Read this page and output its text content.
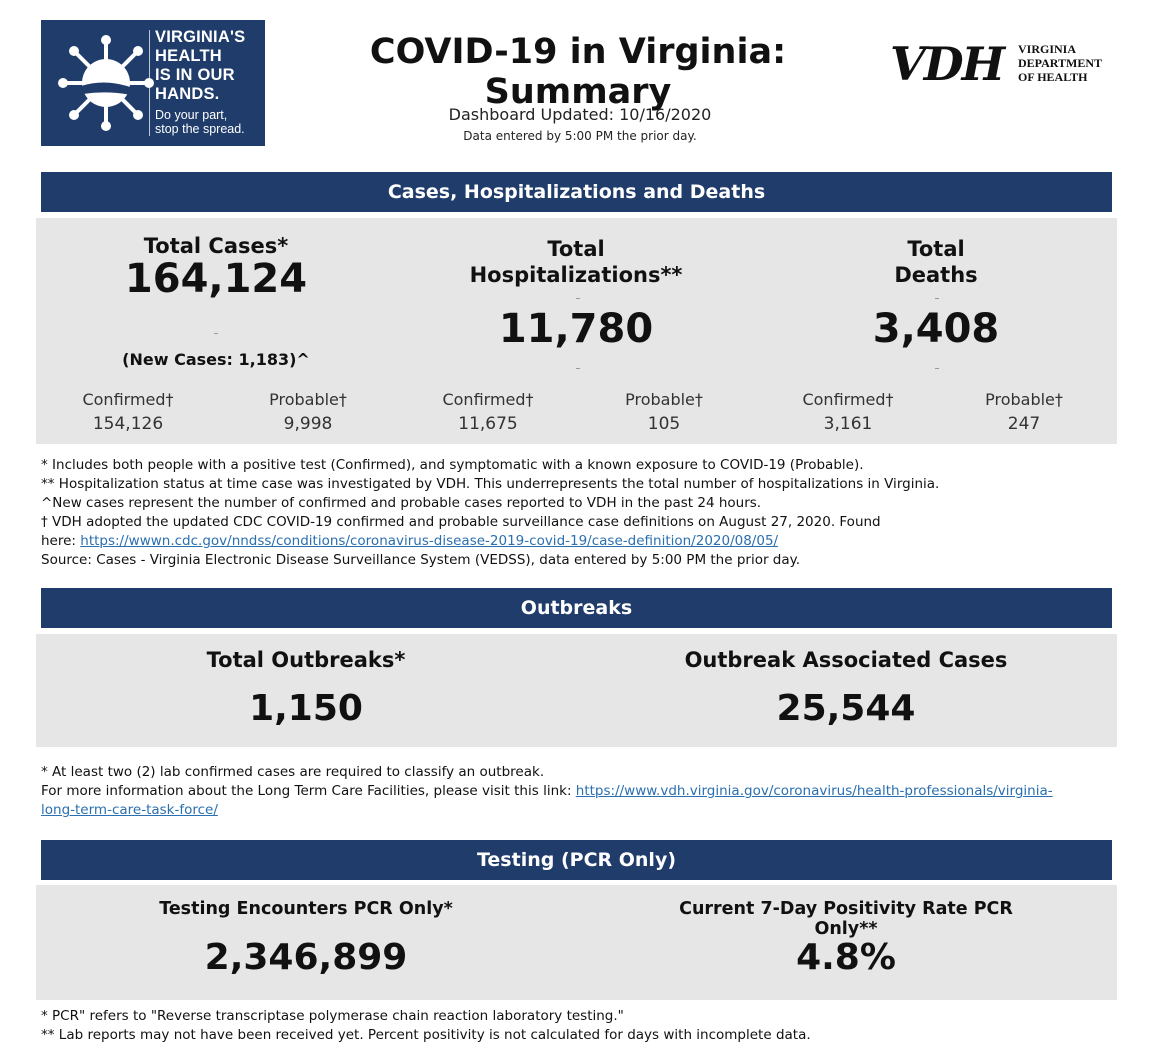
VIRGINIA'S
HEALTH
IS IN OUR
HANDS.
Do your part,
stop the spread.
COVID-19 in Virginia: Summary
Dashboard Updated: 10/16/2020
Data entered by 5:00 PM the prior day.
VDH VIRGINIA
DEPARTMENT
OF HEALTH
Cases, Hospitalizations and Deaths
Total Cases*
164,124
(New Cases: 1,183)^
Total
Hospitalizations**
11,780
Total
Deaths
3,408
Confirmed†
154,126
Probable†
9,998
Confirmed†
11,675
Probable†
105
Confirmed†
3,161
Probable†
247
* Includes both people with a positive test (Confirmed), and symptomatic with a known exposure to COVID-19 (Probable).
** Hospitalization status at time case was investigated by VDH. This underrepresents the total number of hospitalizations in Virginia.
^New cases represent the number of confirmed and probable cases reported to VDH in the past 24 hours.
† VDH adopted the updated CDC COVID-19 confirmed and probable surveillance case definitions on August 27, 2020. Found
here: https://wwwn.cdc.gov/nndss/conditions/coronavirus-disease-2019-covid-19/case-definition/2020/08/05/
Source: Cases - Virginia Electronic Disease Surveillance System (VEDSS), data entered by 5:00 PM the prior day.
Outbreaks
Total Outbreaks*
1,150
Outbreak Associated Cases
25,544
* At least two (2) lab confirmed cases are required to classify an outbreak.
For more information about the Long Term Care Facilities, please visit this link: https://www.vdh.virginia.gov/coronavirus/health-professionals/virginia-
long-term-care-task-force/
Testing (PCR Only)
Testing Encounters PCR Only*
2,346,899
Current 7-Day Positivity Rate PCR Only**
4.8%
* PCR" refers to "Reverse transcriptase polymerase chain reaction laboratory testing."
** Lab reports may not have been received yet. Percent positivity is not calculated for days with incomplete data.
